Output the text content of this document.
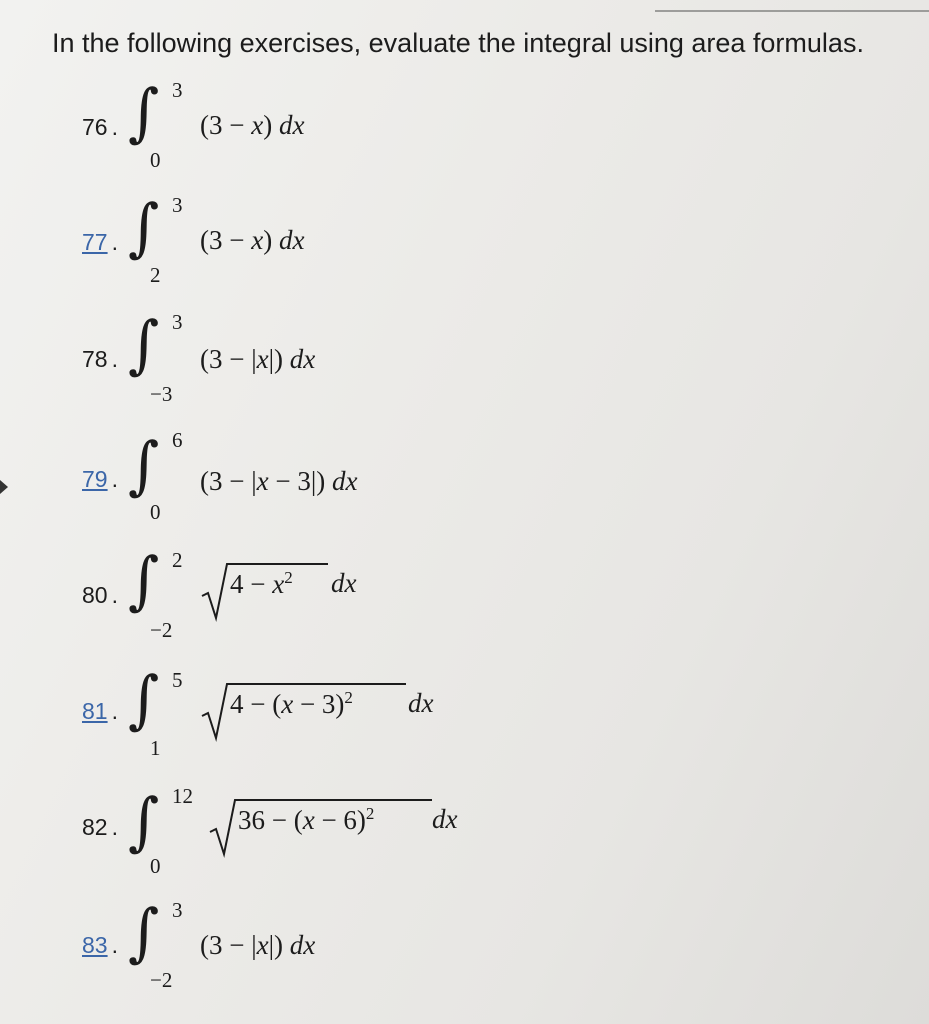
In the following exercises, evaluate the integral using area formulas.
76 . ∫ 3
0
(3 − x) dx
77 . ∫ 3
2
(3 − x) dx
78 . ∫ 3
−3
(3 − |x|) dx
79 . ∫ 6
0
(3 − |x − 3|) dx
80 . ∫ 2
−2
$4 - x^2$ dx
81 . ∫ 5
1
$4 - (x - 3)^2$ dx
82 . ∫ 12
0
$36 - (x - 6)^2$ dx
83 . ∫ 3
−2
(3 − |x|) dx
